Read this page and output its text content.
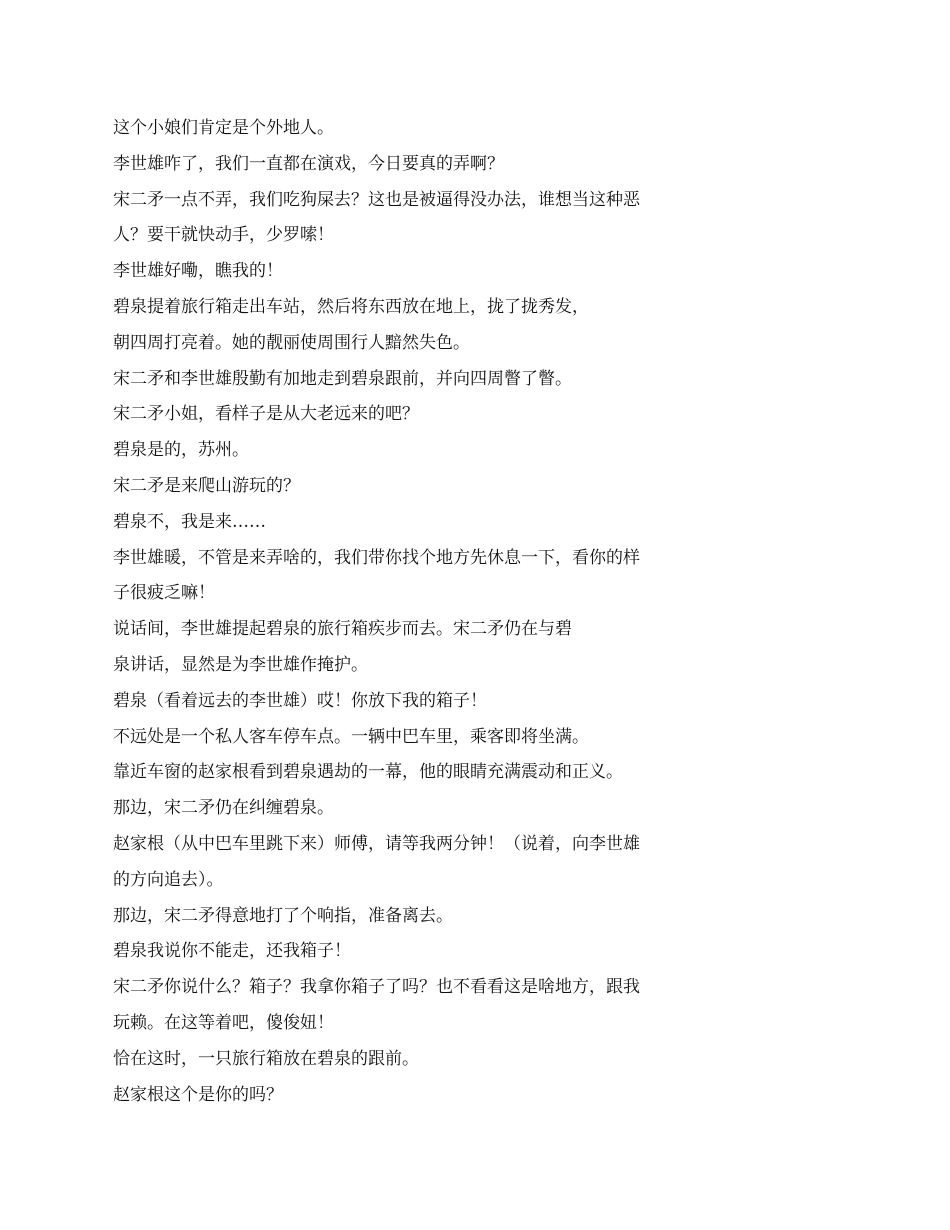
这个小娘们肯定是个外地人。
李世雄咋了，我们一直都在演戏，今日要真的弄啊？
宋二矛一点不弄，我们吃狗屎去？这也是被逼得没办法，谁想当这种恶
人？要干就快动手，少罗嗦！
李世雄好嘞，瞧我的！
碧泉提着旅行箱走出车站，然后将东西放在地上，拢了拢秀发，
朝四周打亮着。她的靓丽使周围行人黯然失色。
宋二矛和李世雄殷勤有加地走到碧泉跟前，并向四周瞥了瞥。
宋二矛小姐，看样子是从大老远来的吧？
碧泉是的，苏州。
宋二矛是来爬山游玩的？
碧泉不，我是来……
李世雄暖，不管是来弄啥的，我们带你找个地方先休息一下，看你的样
子很疲乏嘛！
说话间，李世雄提起碧泉的旅行箱疾步而去。宋二矛仍在与碧
泉讲话，显然是为李世雄作掩护。
碧泉（看着远去的李世雄）哎！你放下我的箱子！
不远处是一个私人客车停车点。一辆中巴车里，乘客即将坐满。
靠近车窗的赵家根看到碧泉遇劫的一幕，他的眼睛充满震动和正义。
那边，宋二矛仍在纠缠碧泉。
赵家根（从中巴车里跳下来）师傅，请等我两分钟！（说着，向李世雄
的方向追去）。
那边，宋二矛得意地打了个响指，准备离去。
碧泉我说你不能走，还我箱子！
宋二矛你说什么？箱子？我拿你箱子了吗？也不看看这是啥地方，跟我
玩赖。在这等着吧，傻俊妞！
恰在这时，一只旅行箱放在碧泉的跟前。
赵家根这个是你的吗？
